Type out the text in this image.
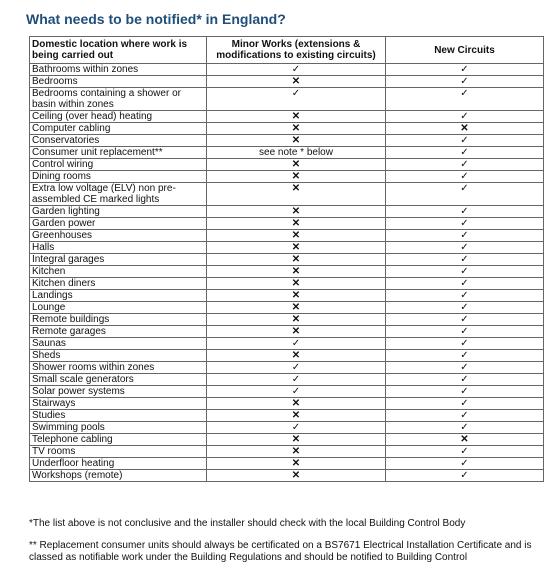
What needs to be notified* in England?
Domestic location where work is being carried out	Minor Works (extensions & modifications to existing circuits)	New Circuits
Bathrooms within zones	✓	✓
Bedrooms	✕	✓
Bedrooms containing a shower or basin within zones	✓	✓
Ceiling (over head) heating	✕	✓
Computer cabling	✕	✕
Conservatories	✕	✓
Consumer unit replacement**	see note * below	✓
Control wiring	✕	✓
Dining rooms	✕	✓
Extra low voltage (ELV) non pre-assembled CE marked lights	✕	✓
Garden lighting	✕	✓
Garden power	✕	✓
Greenhouses	✕	✓
Halls	✕	✓
Integral garages	✕	✓
Kitchen	✕	✓
Kitchen diners	✕	✓
Landings	✕	✓
Lounge	✕	✓
Remote buildings	✕	✓
Remote garages	✕	✓
Saunas	✓	✓
Sheds	✕	✓
Shower rooms within zones	✓	✓
Small scale generators	✓	✓
Solar power systems	✓	✓
Stairways	✕	✓
Studies	✕	✓
Swimming pools	✓	✓
Telephone cabling	✕	✕
TV rooms	✕	✓
Underfloor heating	✕	✓
Workshops (remote)	✕	✓
*The list above is not conclusive and the installer should check with the local Building Control Body
** Replacement consumer units should always be certificated on a BS7671 Electrical Installation Certificate and is classed as notifiable work under the Building Regulations and should be notified to Building Control
